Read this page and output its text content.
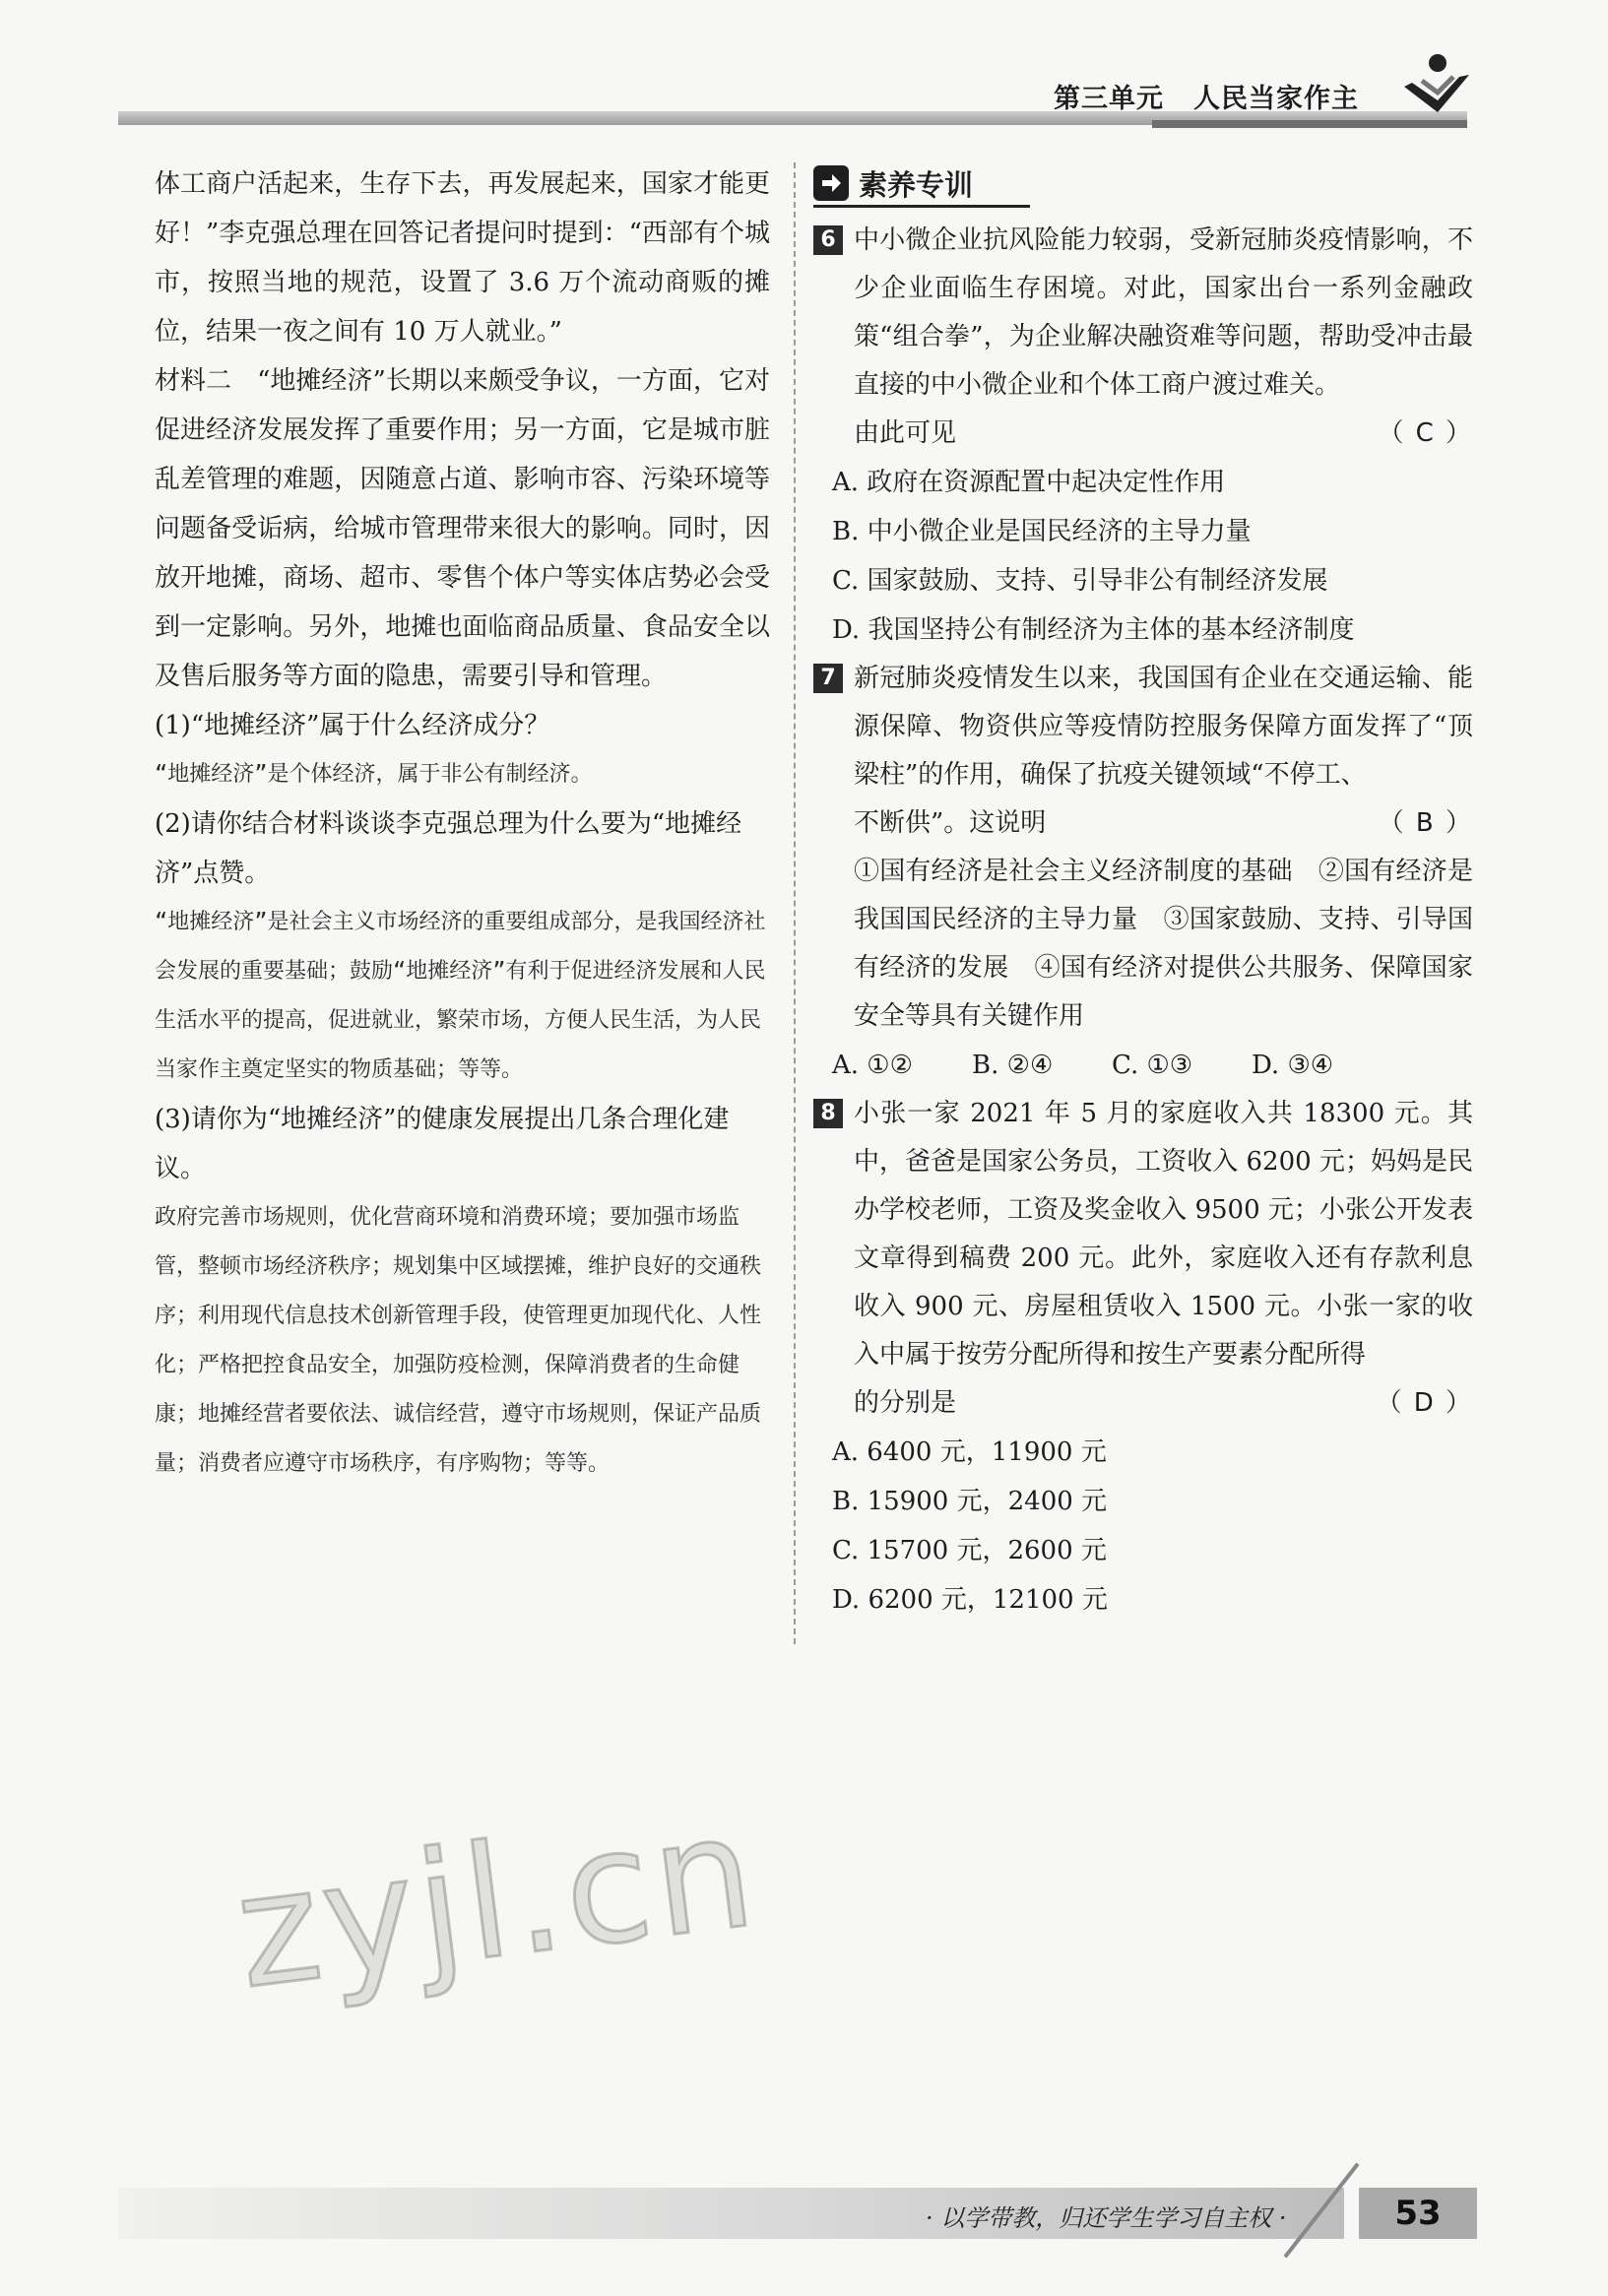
第三单元 人民当家作主

体工商户活起来，生存下去，再发展起来，国家才能更好！”李克强总理在回答记者提问时提到：“西部有个城市，按照当地的规范，设置了 3.6 万个流动商贩的摊位，结果一夜之间有 10 万人就业。”

材料二　“地摊经济”长期以来颇受争议，一方面，它对促进经济发展发挥了重要作用；另一方面，它是城市脏乱差管理的难题，因随意占道、影响市容、污染环境等问题备受诟病，给城市管理带来很大的影响。同时，因放开地摊，商场、超市、零售个体户等实体店势必会受到一定影响。另外，地摊也面临商品质量、食品安全以及售后服务等方面的隐患，需要引导和管理。

(1)“地摊经济”属于什么经济成分？

“地摊经济”是个体经济，属于非公有制经济。

(2)请你结合材料谈谈李克强总理为什么要为“地摊经济”点赞。

“地摊经济”是社会主义市场经济的重要组成部分，是我国经济社会发展的重要基础；鼓励“地摊经济”有利于促进经济发展和人民生活水平的提高，促进就业，繁荣市场，方便人民生活，为人民当家作主奠定坚实的物质基础；等等。

(3)请你为“地摊经济”的健康发展提出几条合理化建议。

政府完善市场规则，优化营商环境和消费环境；要加强市场监管，整顿市场经济秩序；规划集中区域摆摊，维护良好的交通秩序；利用现代信息技术创新管理手段，使管理更加现代化、人性化；严格把控食品安全，加强防疫检测，保障消费者的生命健康；地摊经营者要依法、诚信经营，遵守市场规则，保证产品质量；消费者应遵守市场秩序，有序购物；等等。

素养专训
6 中小微企业抗风险能力较弱，受新冠肺炎疫情影响，不少企业面临生存困境。对此，国家出台一系列金融政策“组合拳”，为企业解决融资难等问题，帮助受冲击最直接的中小微企业和个体工商户渡过难关。
由此可见	（ C ）

A. 政府在资源配置中起决定性作用

B. 中小微企业是国民经济的主导力量

C. 国家鼓励、支持、引导非公有制经济发展

D. 我国坚持公有制经济为主体的基本经济制度

7 新冠肺炎疫情发生以来，我国国有企业在交通运输、能源保障、物资供应等疫情防控服务保障方面发挥了“顶梁柱”的作用，确保了抗疫关键领域“不停工、
不断供”。这说明	（ B ）

①国有经济是社会主义经济制度的基础　②国有经济是我国国民经济的主导力量　③国家鼓励、支持、引导国有经济的发展　④国有经济对提供公共服务、保障国家安全等具有关键作用

A. ①②	B. ②④	C. ①③	D. ③④
8 小张一家 2021 年 5 月的家庭收入共 18300 元。其中，爸爸是国家公务员，工资收入 6200 元；妈妈是民办学校老师，工资及奖金收入 9500 元；小张公开发表文章得到稿费 200 元。此外，家庭收入还有存款利息收入 900 元、房屋租赁收入 1500 元。小张一家的收入中属于按劳分配所得和按生产要素分配所得
的分别是	（ D ）

A. 6400 元，11900 元

B. 15900 元，2400 元

C. 15700 元，2600 元

D. 6200 元，12100 元

zyjl.cn
· 以学带教，归还学生学习自主权 ·	53
